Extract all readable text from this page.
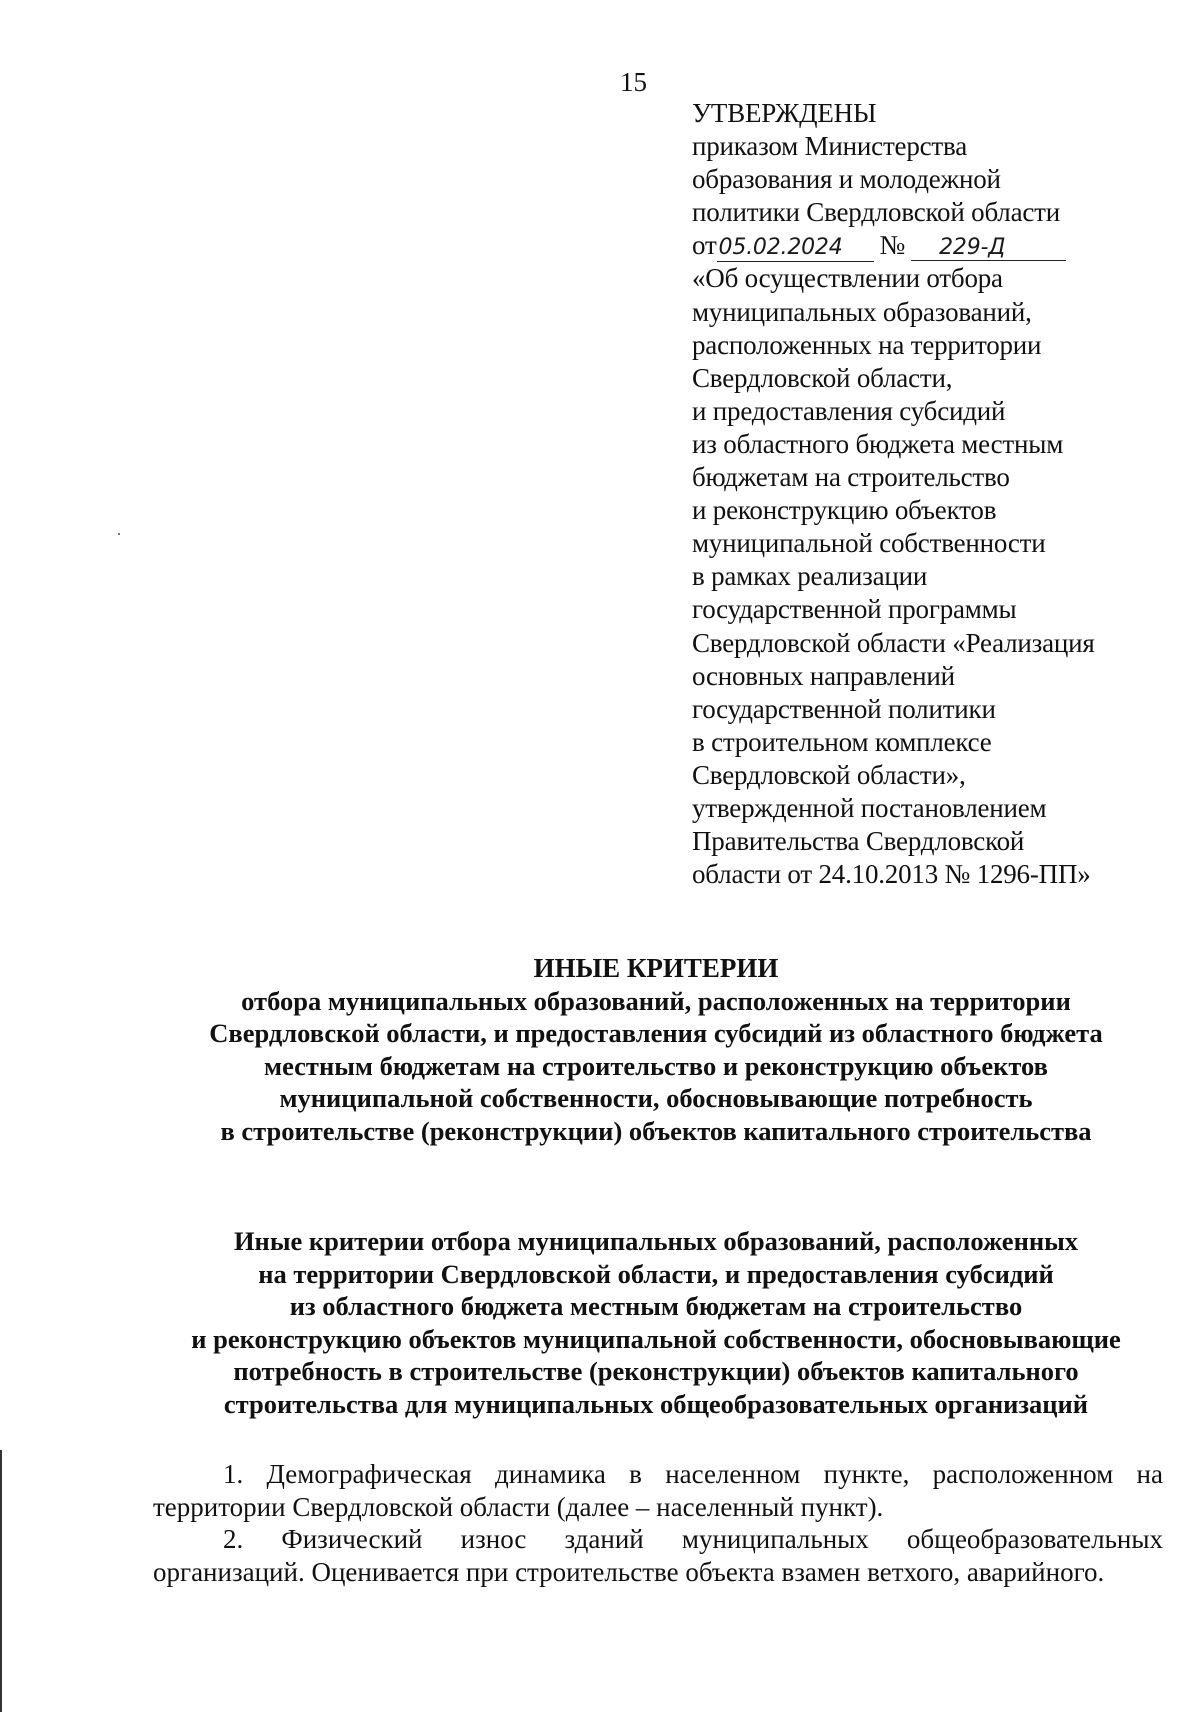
15
УТВЕРЖДЕНЫ
приказом Министерства
образования и молодежной
политики Свердловской области
от 05.02.2024	№	229-Д
«Об осуществлении отбора
муниципальных образований,
расположенных на территории
Свердловской области,
и предоставления субсидий
из областного бюджета местным
бюджетам на строительство
и реконструкцию объектов
муниципальной собственности
в рамках реализации
государственной программы
Свердловской области «Реализация
основных направлений
государственной политики
в строительном комплексе
Свердловской области»,
утвержденной постановлением
Правительства Свердловской
области от 24.10.2013 № 1296-ПП»
ИНЫЕ КРИТЕРИИ
отбора муниципальных образований, расположенных на территории
Свердловской области, и предоставления субсидий из областного бюджета
местным бюджетам на строительство и реконструкцию объектов
муниципальной собственности, обосновывающие потребность
в строительстве (реконструкции) объектов капитального строительства
Иные критерии отбора муниципальных образований, расположенных
на территории Свердловской области, и предоставления субсидий
из областного бюджета местным бюджетам на строительство
и реконструкцию объектов муниципальной собственности, обосновывающие
потребность в строительстве (реконструкции) объектов капитального
строительства для муниципальных общеобразовательных организаций

1. Демографическая динамика в населенном пункте, расположенном на территории Свердловской области (далее – населенный пункт).

2. Физический износ зданий муниципальных общеобразовательных организаций. Оценивается при строительстве объекта взамен ветхого, аварийного.
